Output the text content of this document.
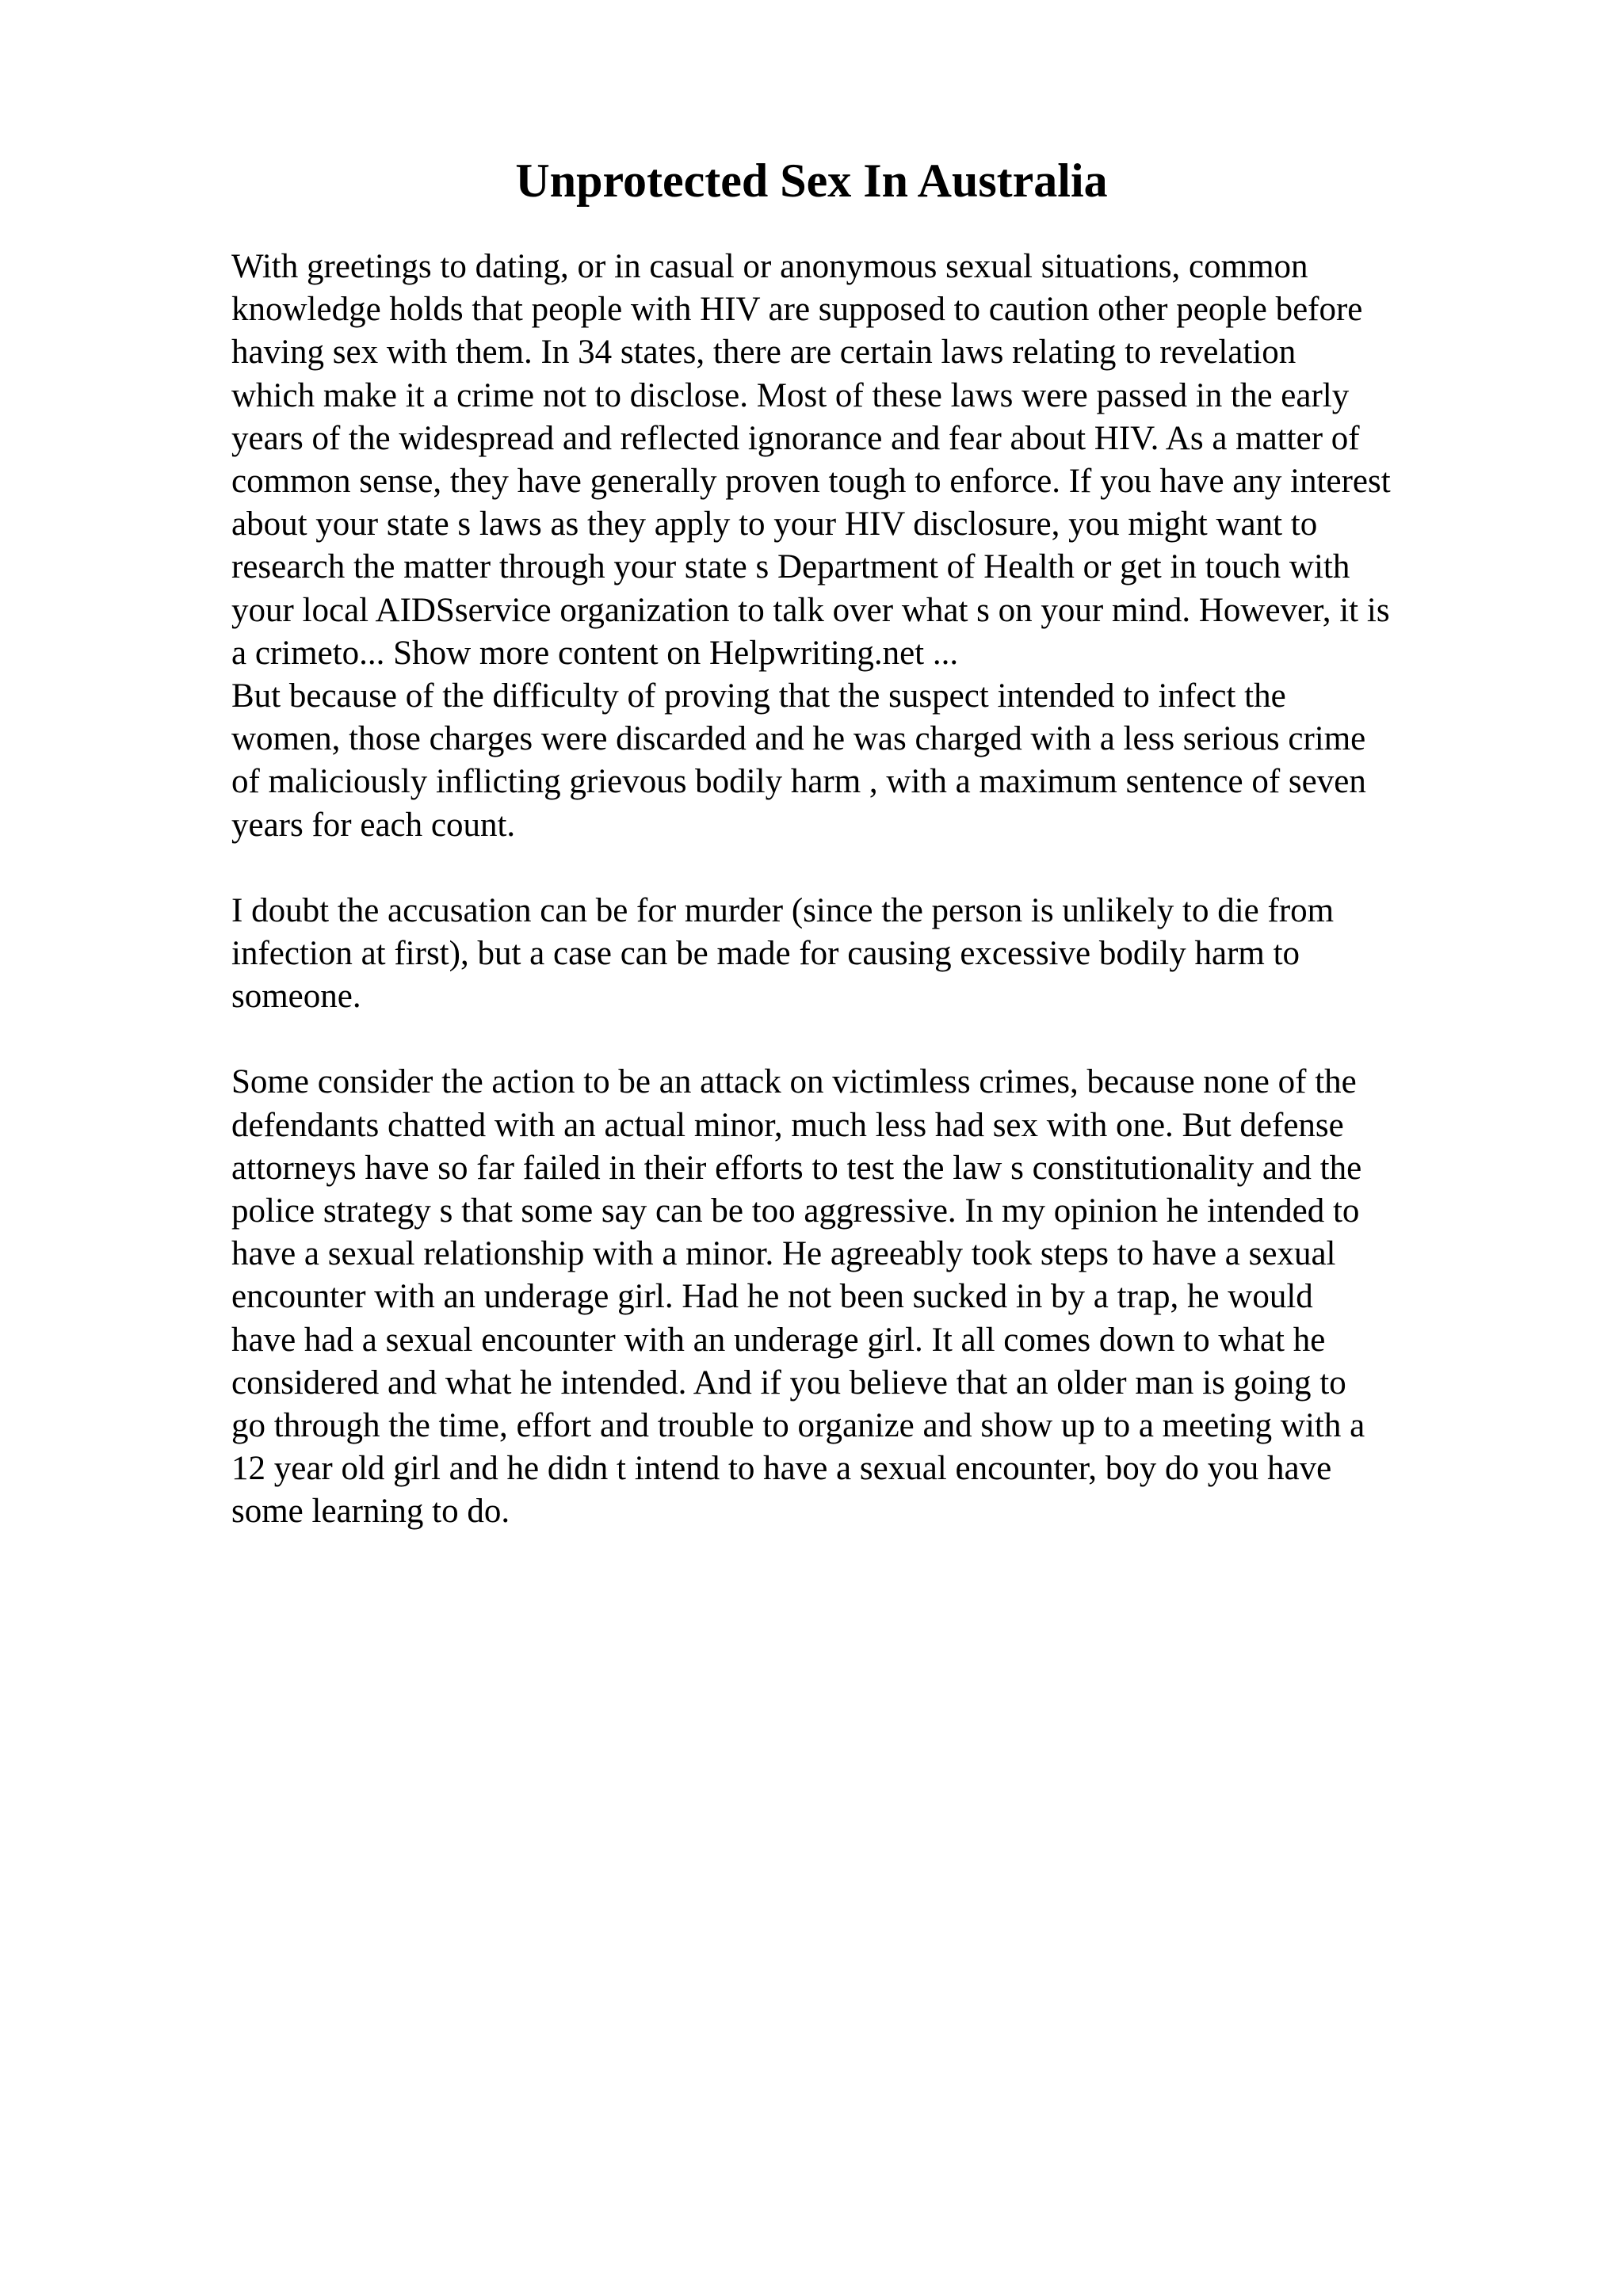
Unprotected Sex In Australia

With greetings to dating, or in casual or anonymous sexual situations, common
knowledge holds that people with HIV are supposed to caution other people before
having sex with them. In 34 states, there are certain laws relating to revelation
which make it a crime not to disclose. Most of these laws were passed in the early
years of the widespread and reflected ignorance and fear about HIV. As a matter of
common sense, they have generally proven tough to enforce. If you have any interest
about your state s laws as they apply to your HIV disclosure, you might want to
research the matter through your state s Department of Health or get in touch with
your local AIDSservice organization to talk over what s on your mind. However, it is
a crimeto... Show more content on Helpwriting.net ...
But because of the difficulty of proving that the suspect intended to infect the
women, those charges were discarded and he was charged with a less serious crime
of maliciously inflicting grievous bodily harm , with a maximum sentence of seven
years for each count.

I doubt the accusation can be for murder (since the person is unlikely to die from
infection at first), but a case can be made for causing excessive bodily harm to
someone.

Some consider the action to be an attack on victimless crimes, because none of the
defendants chatted with an actual minor, much less had sex with one. But defense
attorneys have so far failed in their efforts to test the law s constitutionality and the
police strategy s that some say can be too aggressive. In my opinion he intended to
have a sexual relationship with a minor. He agreeably took steps to have a sexual
encounter with an underage girl. Had he not been sucked in by a trap, he would
have had a sexual encounter with an underage girl. It all comes down to what he
considered and what he intended. And if you believe that an older man is going to
go through the time, effort and trouble to organize and show up to a meeting with a
12 year old girl and he didn t intend to have a sexual encounter, boy do you have
some learning to do.
